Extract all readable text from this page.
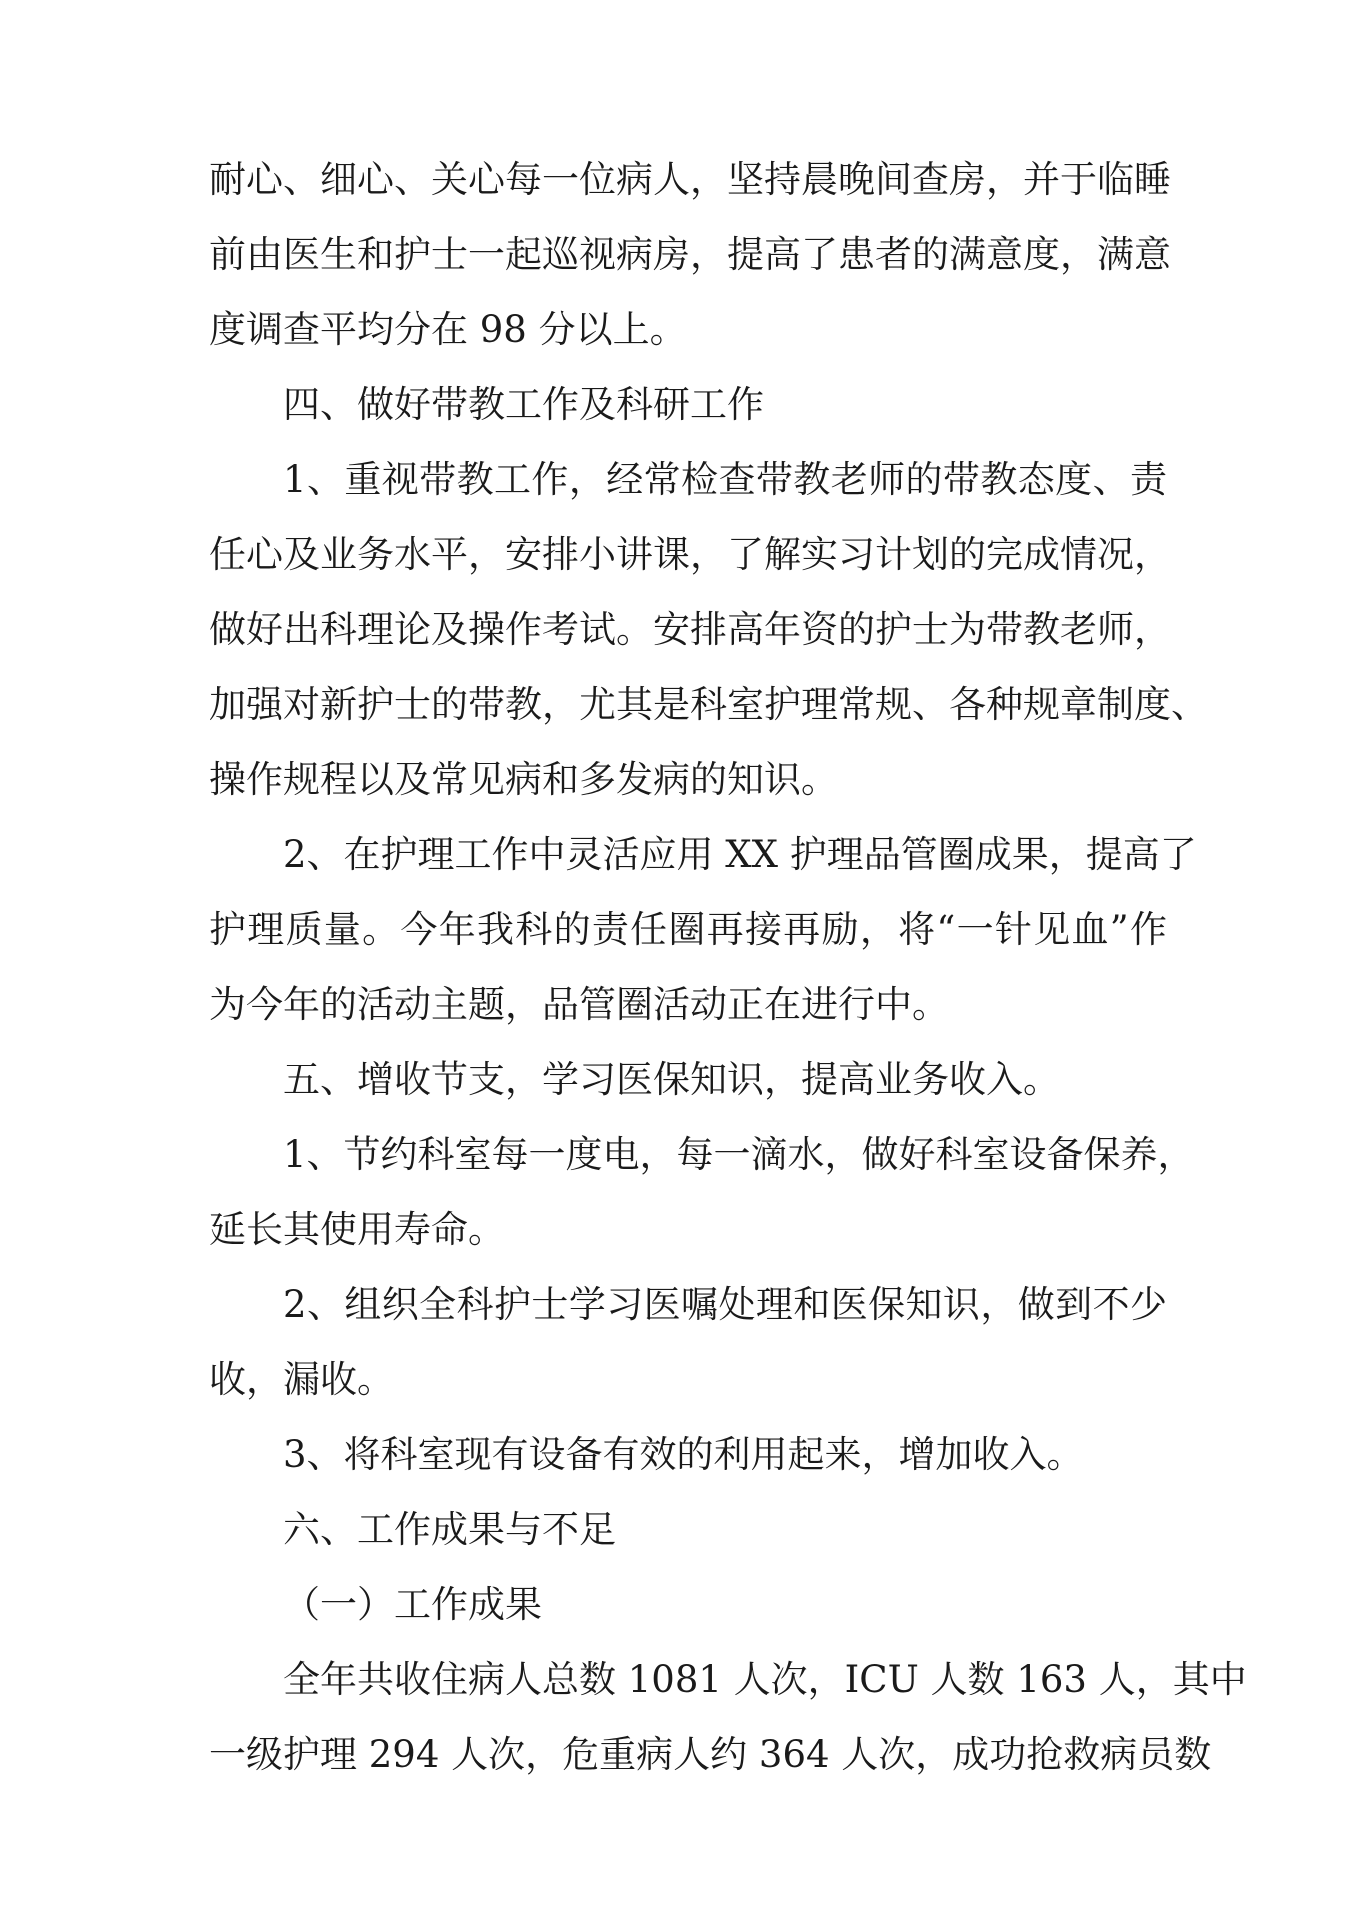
耐心、细心、关心每一位病人，坚持晨晚间查房，并于临睡
前由医生和护士一起巡视病房，提高了患者的满意度，满意
度调查平均分在 98 分以上。
四、做好带教工作及科研工作
1、重视带教工作，经常检查带教老师的带教态度、责
任心及业务水平，安排小讲课，了解实习计划的完成情况，
做好出科理论及操作考试。安排高年资的护士为带教老师，
加强对新护士的带教，尤其是科室护理常规、各种规章制度、
操作规程以及常见病和多发病的知识。
2、在护理工作中灵活应用 XX 护理品管圈成果，提高了
护理质量。今年我科的责任圈再接再励，将“一针见血”作
为今年的活动主题，品管圈活动正在进行中。
五、增收节支，学习医保知识，提高业务收入。
1、节约科室每一度电，每一滴水，做好科室设备保养，
延长其使用寿命。
2、组织全科护士学习医嘱处理和医保知识，做到不少
收，漏收。
3、将科室现有设备有效的利用起来，增加收入。
六、工作成果与不足
（一）工作成果
全年共收住病人总数 1081 人次，ICU 人数 163 人，其中
一级护理 294 人次，危重病人约 364 人次，成功抢救病员数
